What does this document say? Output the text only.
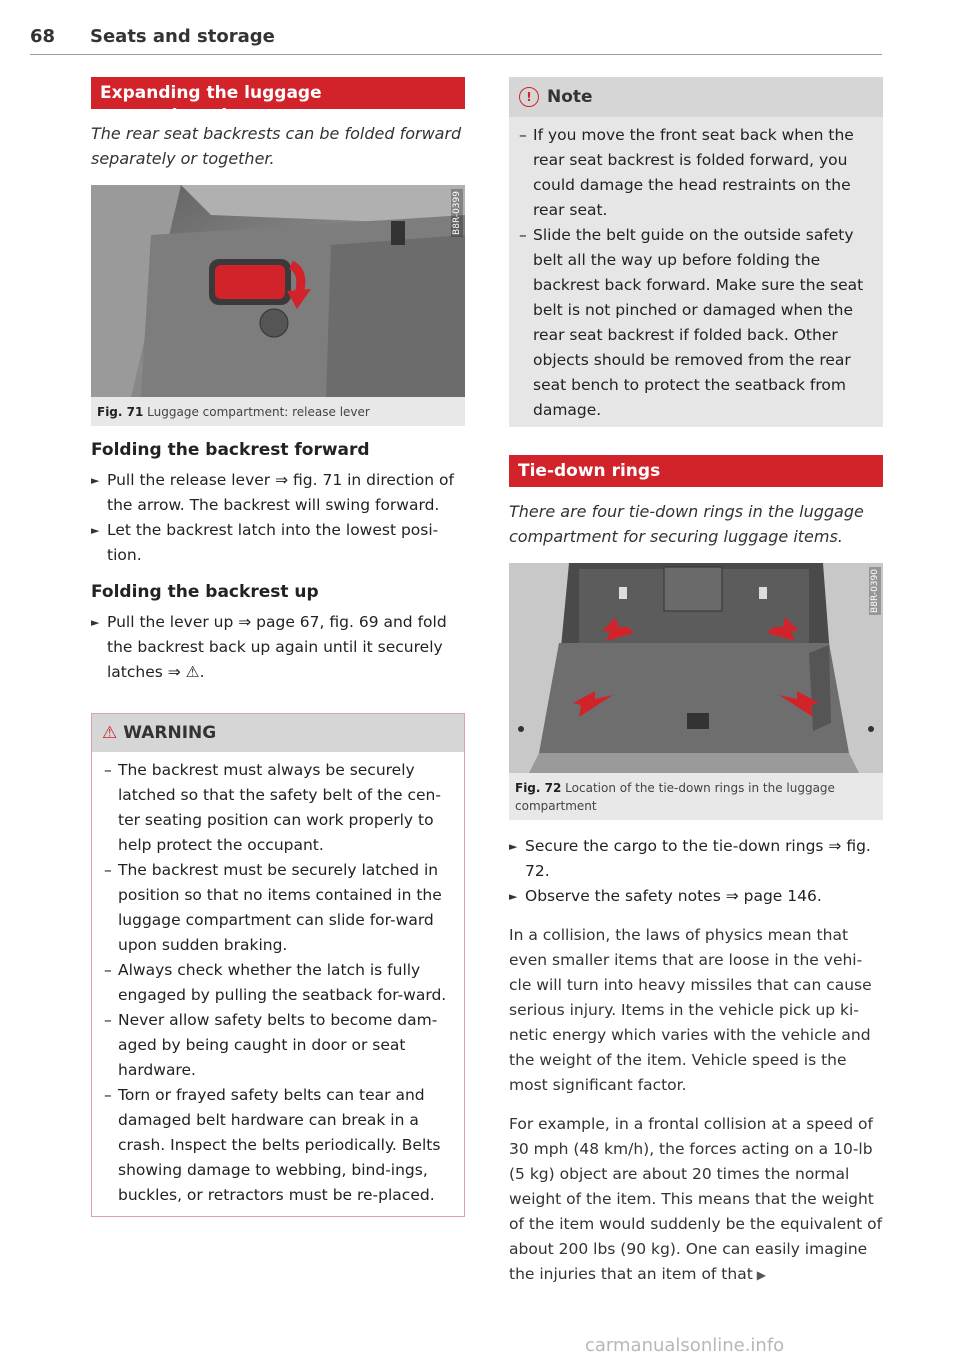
68 Seats and storage
Expanding the luggage compartment
The rear seat backrests can be folded forward separately or together.
B8R-0399
Fig. 71 Luggage compartment: release lever
Folding the backrest forward

► Pull the release lever ⇒ fig. 71 in direction of the arrow. The backrest will swing forward.

► Let the backrest latch into the lowest posi-tion.

Folding the backrest up

► Pull the lever up ⇒ page 67, fig. 69 and fold the backrest back up again until it securely latches ⇒ ⚠.

⚠ WARNING
– The backrest must always be securely latched so that the safety belt of the cen-ter seating position can work properly to help protect the occupant.
– The backrest must be securely latched in position so that no items contained in the luggage compartment can slide for-ward upon sudden braking.
– Always check whether the latch is fully engaged by pulling the seatback for-ward.
– Never allow safety belts to become dam-aged by being caught in door or seat hardware.
– Torn or frayed safety belts can tear and damaged belt hardware can break in a crash. Inspect the belts periodically. Belts showing damage to webbing, bind-ings, buckles, or retractors must be re-placed.
! Note
– If you move the front seat back when the rear seat backrest is folded forward, you could damage the head restraints on the rear seat.
– Slide the belt guide on the outside safety belt all the way up before folding the backrest back forward. Make sure the seat belt is not pinched or damaged when the rear seat backrest if folded back. Other objects should be removed from the rear seat bench to protect the seatback from damage.
Tie-down rings
There are four tie-down rings in the luggage compartment for securing luggage items.
B8R-0390
Fig. 72 Location of the tie-down rings in the luggage compartment

► Secure the cargo to the tie-down rings ⇒ fig. 72.

► Observe the safety notes ⇒ page 146.

In a collision, the laws of physics mean that even smaller items that are loose in the vehi-cle will turn into heavy missiles that can cause serious injury. Items in the vehicle pick up ki-netic energy which varies with the vehicle and the weight of the item. Vehicle speed is the most significant factor.

For example, in a frontal collision at a speed of 30 mph (48 km/h), the forces acting on a 10-lb (5 kg) object are about 20 times the normal weight of the item. This means that the weight of the item would suddenly be the equivalent of about 200 lbs (90 kg). One can easily imagine the injuries that an item of that ▶

carmanualsonline.info
